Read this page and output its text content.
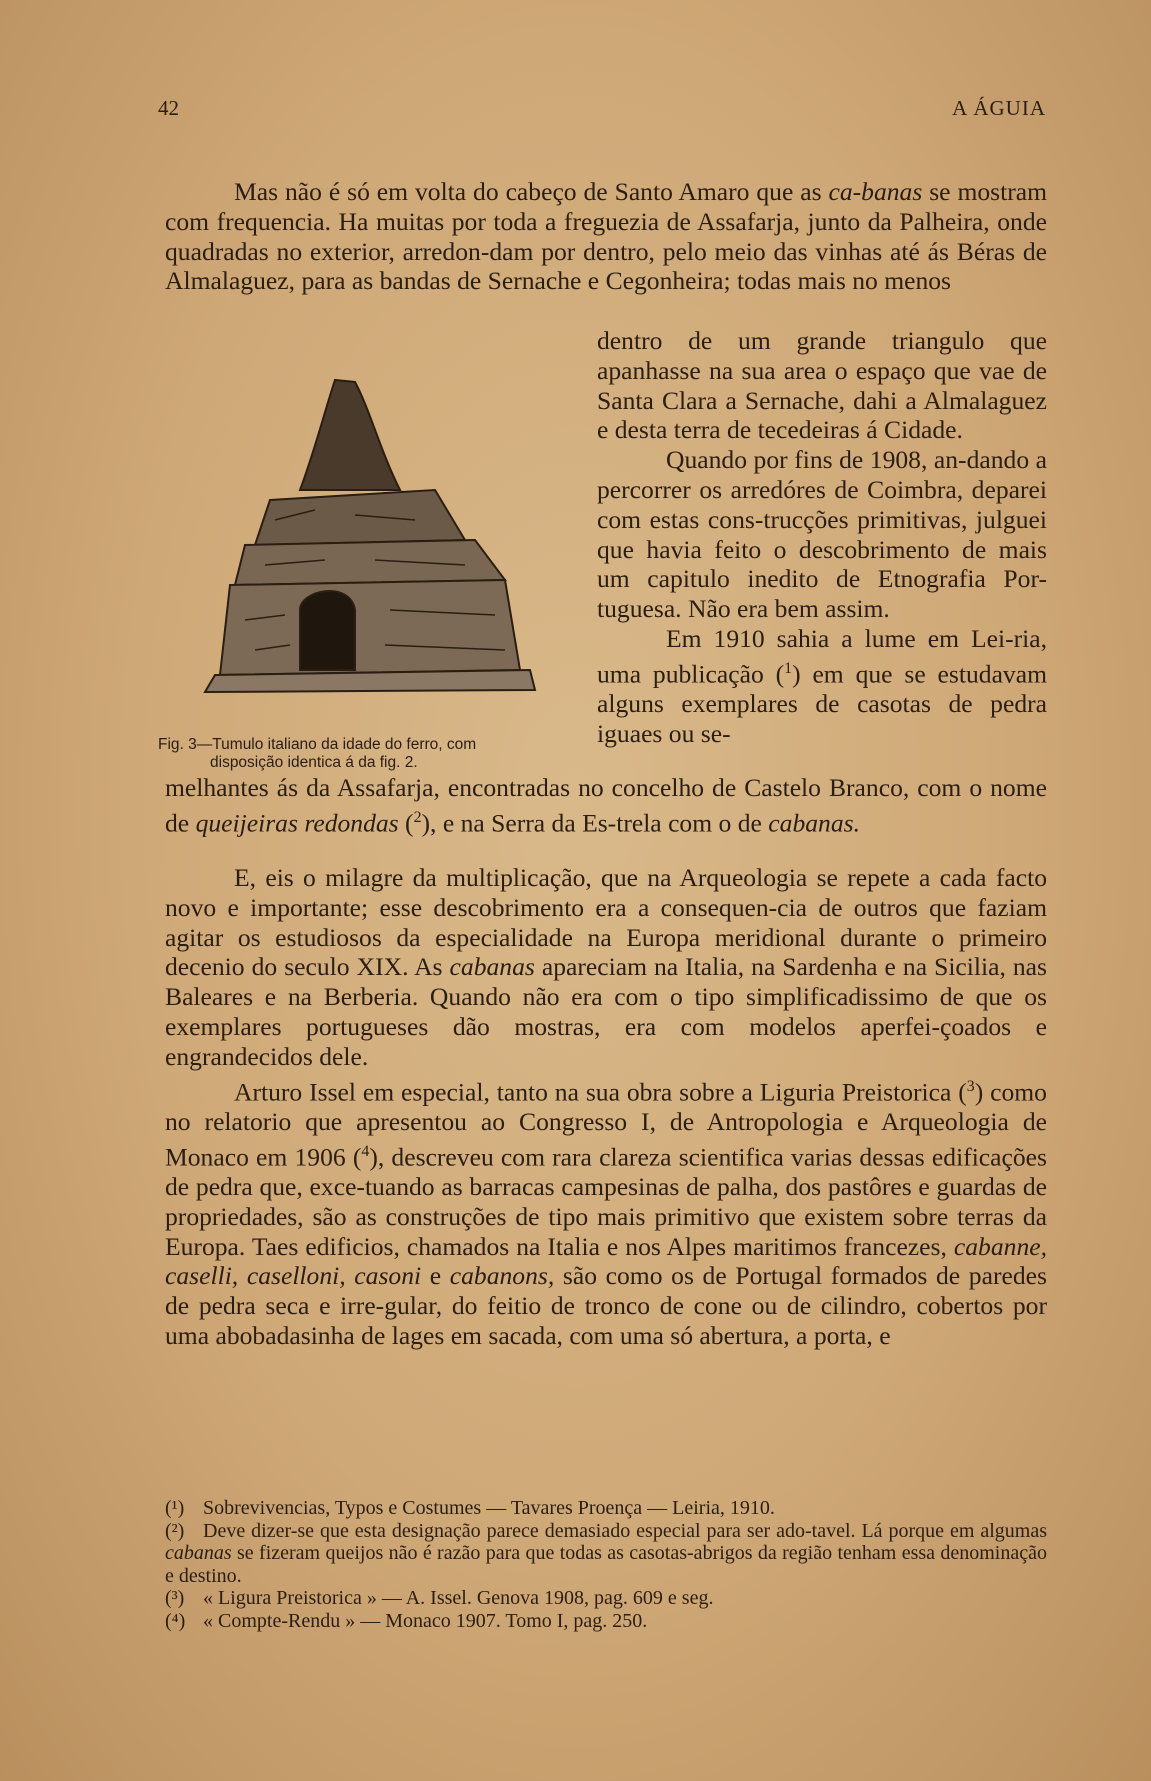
42	A ÁGUIA

Mas não é só em volta do cabeço de Santo Amaro que as ca-banas se mostram com frequencia. Ha muitas por toda a freguezia de Assafarja, junto da Palheira, onde quadradas no exterior, arredon-dam por dentro, pelo meio das vinhas até ás Béras de Almalaguez, para as bandas de Sernache e Cegonheira; todas mais no menos

dentro de um grande triangulo que apanhasse na sua area o espaço que vae de Santa Clara a Sernache, dahi a Almalaguez e desta terra de tecedeiras á Cidade.

Quando por fins de 1908, an-dando a percorrer os arredóres de Coimbra, deparei com estas cons-trucções primitivas, julguei que havia feito o descobrimento de mais um capitulo inedito de Etnografia Por-tuguesa. Não era bem assim.

Em 1910 sahia a lume em Lei-ria, uma publicação ($^1$) em que se estudavam alguns exemplares de casotas de pedra iguaes ou se-

Fig. 3—Tumulo italiano da idade do ferro, com
disposição identica á da fig. 2.

melhantes ás da Assafarja, encontradas no concelho de Castelo Branco, com o nome de queijeiras redondas ($^2$), e na Serra da Es-trela com o de cabanas.

E, eis o milagre da multiplicação, que na Arqueologia se repete a cada facto novo e importante; esse descobrimento era a consequen-cia de outros que faziam agitar os estudiosos da especialidade na Europa meridional durante o primeiro decenio do seculo XIX. As cabanas apareciam na Italia, na Sardenha e na Sicilia, nas Baleares e na Berberia. Quando não era com o tipo simplificadissimo de que os exemplares portugueses dão mostras, era com modelos aperfei-çoados e engrandecidos dele.

Arturo Issel em especial, tanto na sua obra sobre a Liguria Preistorica ($^3$) como no relatorio que apresentou ao Congresso I, de Antropologia e Arqueologia de Monaco em 1906 ($^4$), descreveu com rara clareza scientifica varias dessas edificações de pedra que, exce-tuando as barracas campesinas de palha, dos pastôres e guardas de propriedades, são as construções de tipo mais primitivo que existem sobre terras da Europa. Taes edificios, chamados na Italia e nos Alpes maritimos francezes, cabanne, caselli, caselloni, casoni e cabanons, são como os de Portugal formados de paredes de pedra seca e irre-gular, do feitio de tronco de cone ou de cilindro, cobertos por uma abobadasinha de lages em sacada, com uma só abertura, a porta, e

(¹) Sobrevivencias, Typos e Costumes — Tavares Proença — Leiria, 1910.

(²) Deve dizer-se que esta designação parece demasiado especial para ser ado-tavel. Lá porque em algumas cabanas se fizeram queijos não é razão para que todas as casotas-abrigos da região tenham essa denominação e destino.

(³) « Ligura Preistorica » — A. Issel. Genova 1908, pag. 609 e seg.

(⁴) « Compte-Rendu » — Monaco 1907. Tomo I, pag. 250.
